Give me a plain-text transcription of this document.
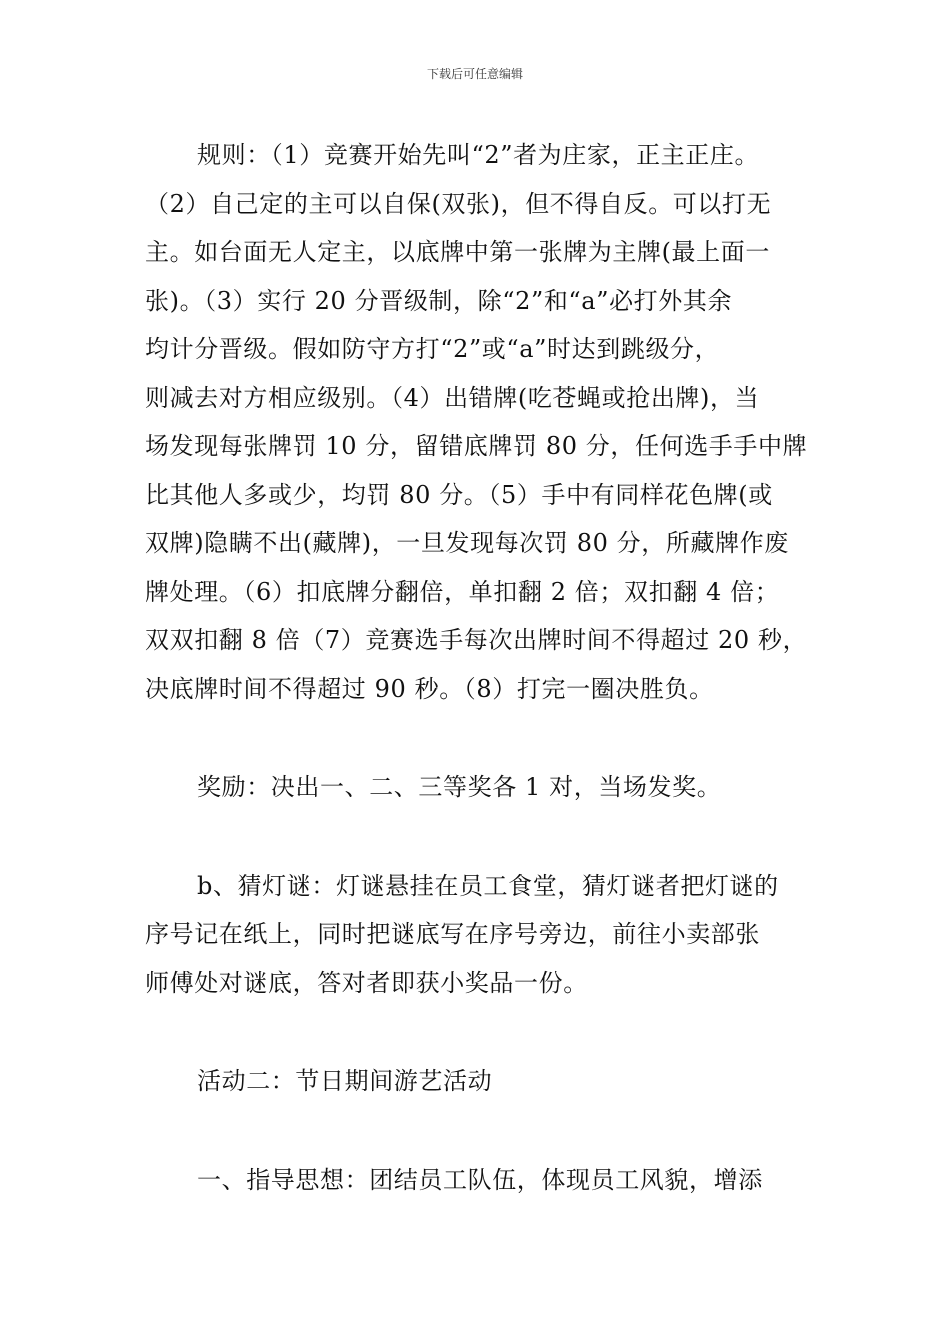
下载后可任意编辑
规则：（1）竞赛开始先叫“2”者为庄家，正主正庄。
（2）自己定的主可以自保(双张)，但不得自反。可以打无
主。如台面无人定主，以底牌中第一张牌为主牌(最上面一
张)。（3）实行 20 分晋级制，除“2”和“a”必打外其余
均计分晋级。假如防守方打“2”或“a”时达到跳级分，
则减去对方相应级别。（4）出错牌(吃苍蝇或抢出牌)，当
场发现每张牌罚 10 分，留错底牌罚 80 分，任何选手手中牌
比其他人多或少，均罚 80 分。（5）手中有同样花色牌(或
双牌)隐瞒不出(藏牌)，一旦发现每次罚 80 分，所藏牌作废
牌处理。（6）扣底牌分翻倍，单扣翻 2 倍；双扣翻 4 倍；
双双扣翻 8 倍（7）竞赛选手每次出牌时间不得超过 20 秒，
决底牌时间不得超过 90 秒。（8）打完一圈决胜负。
奖励：决出一、二、三等奖各 1 对，当场发奖。
b、猜灯谜：灯谜悬挂在员工食堂，猜灯谜者把灯谜的
序号记在纸上，同时把谜底写在序号旁边，前往小卖部张
师傅处对谜底，答对者即获小奖品一份。
活动二：节日期间游艺活动
一、指导思想：团结员工队伍，体现员工风貌，增添
